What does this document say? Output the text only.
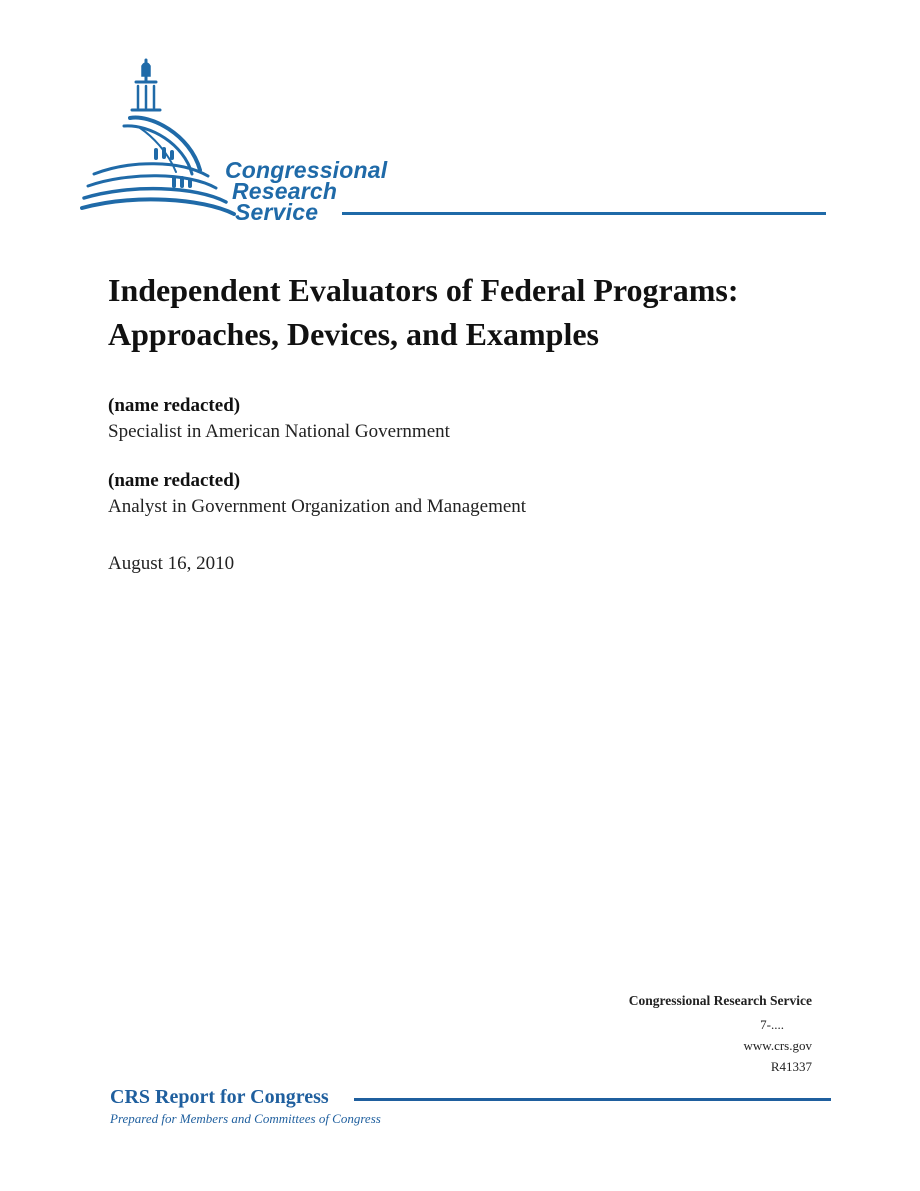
Congressional
Research
Service
Independent Evaluators of Federal Programs:
Approaches, Devices, and Examples
(name redacted)
Specialist in American National Government
(name redacted)
Analyst in Government Organization and Management
August 16, 2010
Congressional Research Service
7-....
www.crs.gov
R41337
CRS Report for Congress
Prepared for Members and Committees of Congress
